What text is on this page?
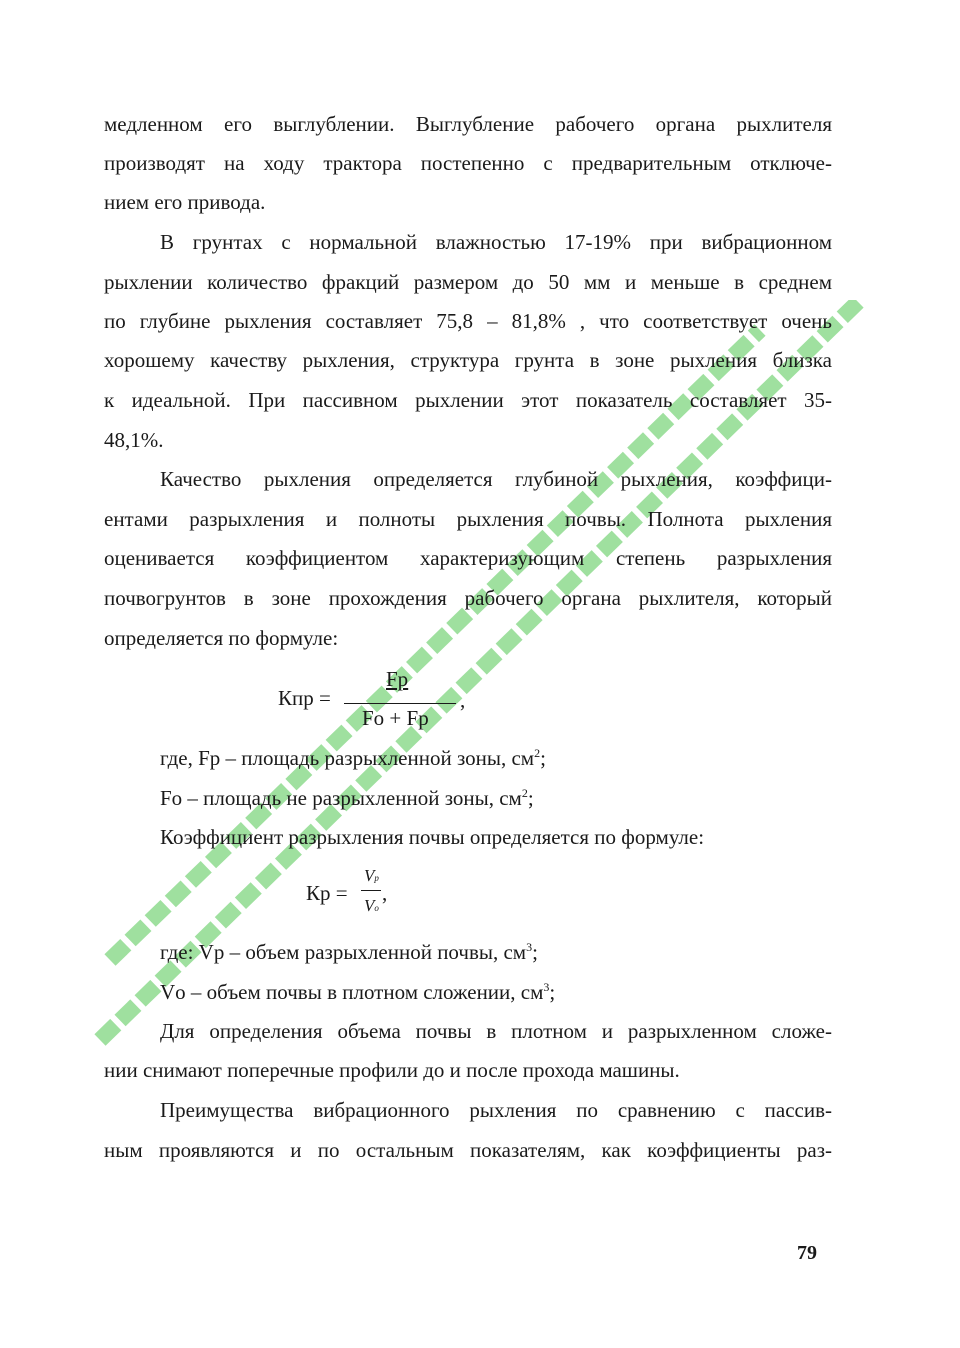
медленном его выглублении. Выглубление рабочего органа рыхлителя
производят на ходу трактора постепенно с предварительным отключе-
нием его привода.
В грунтах с нормальной влажностью 17-19% при вибрационном
рыхлении количество фракций размером до 50 мм и меньше в среднем
по глубине рыхления составляет 75,8 – 81,8% , что соответствует очень
хорошему качеству рыхления, структура грунта в зоне рыхления близка
к идеальной. При пассивном рыхлении этот показатель составляет 35-
48,1%.
Качество рыхления определяется глубиной рыхления, коэффици-
ентами разрыхления и полноты рыхления почвы. Полнота рыхления
оценивается коэффициентом характеризующим степень разрыхления
почвогрунтов в зоне прохождения рабочего органа рыхлителя, который
определяется по формуле:
Кпр =
Fр
Fо + Fр
,
где, Fр – площадь разрыхленной зоны, $см^2$;
Fо – площадь не разрыхленной зоны, $см^2$;
Коэффициент разрыхления почвы определяется по формуле:
Кр =
Vр
Vо
,
где: Vр – объем разрыхленной почвы, $см^3$;
Vо – объем почвы в плотном сложении, $см^3$;
Для определения объема почвы в плотном и разрыхленном сложе-
нии снимают поперечные профили до и после прохода машины.
Преимущества вибрационного рыхления по сравнению с пассив-
ным проявляются и по остальным показателям, как коэффициенты раз-
79
